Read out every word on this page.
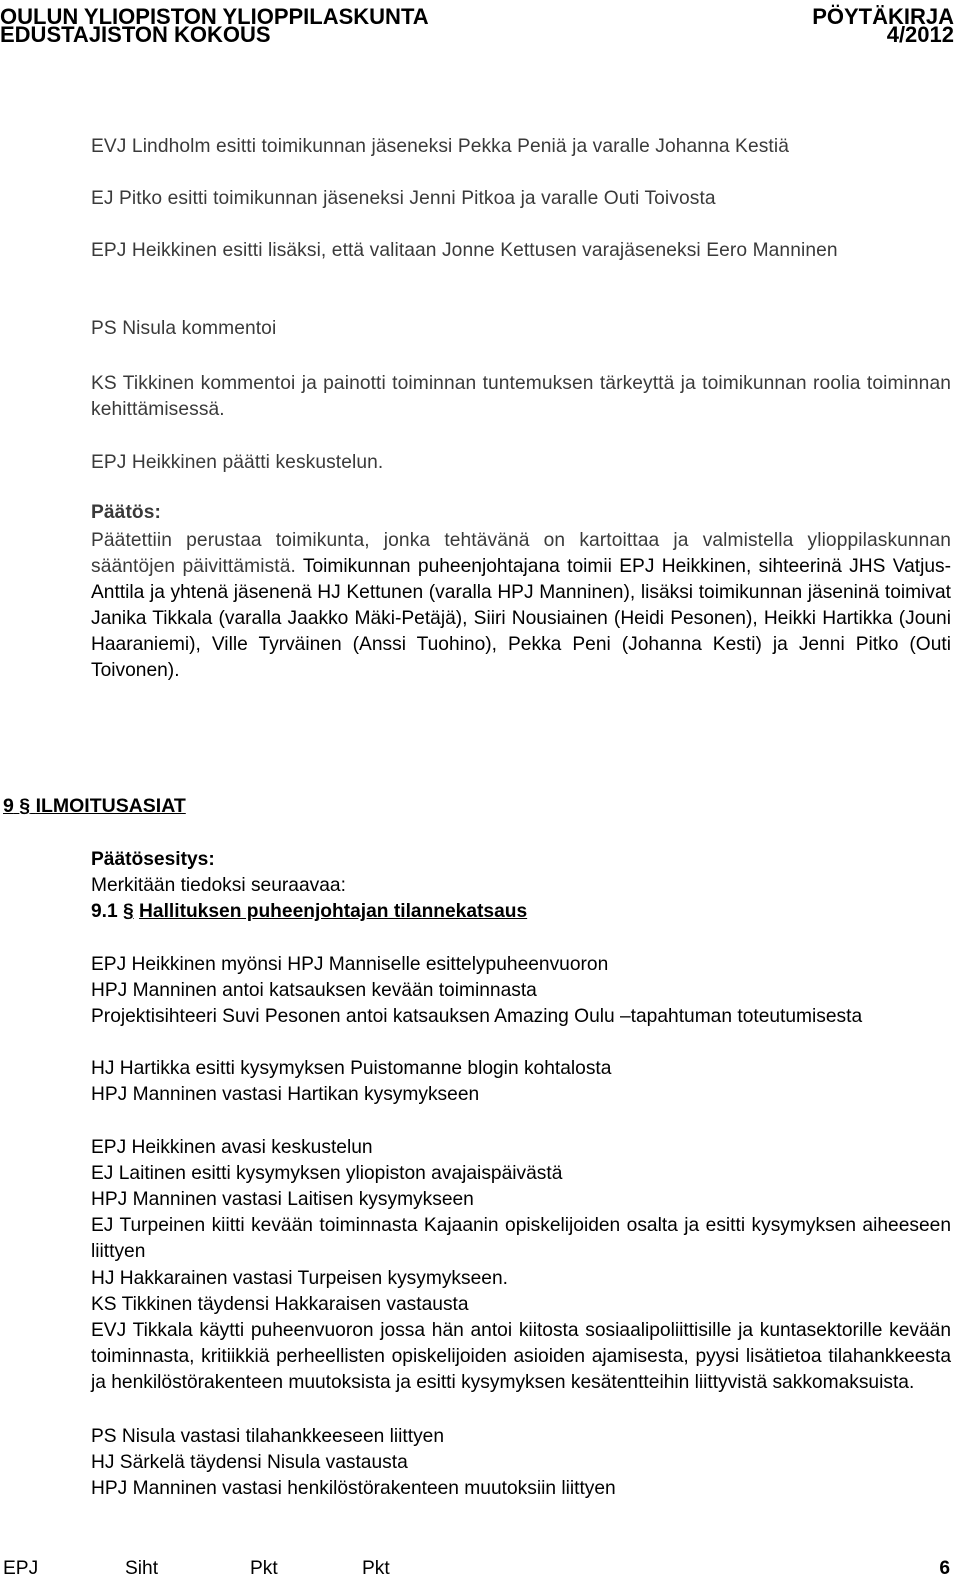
OULUN YLIOPISTON YLIOPPILASKUNTA	PÖYTÄKIRJA
EDUSTAJISTON KOKOUS	4/2012

EVJ Lindholm esitti toimikunnan jäseneksi Pekka Peniä ja varalle Johanna Kestiä

EJ Pitko esitti toimikunnan jäseneksi Jenni Pitkoa ja varalle Outi Toivosta

EPJ Heikkinen esitti lisäksi, että valitaan Jonne Kettusen varajäseneksi Eero Manninen

PS Nisula kommentoi

KS Tikkinen kommentoi ja painotti toiminnan tuntemuksen tärkeyttä ja toimikunnan roolia toiminnan kehittämisessä.

EPJ Heikkinen päätti keskustelun.

Päätös:

Päätettiin perustaa toimikunta, jonka tehtävänä on kartoittaa ja valmistella ylioppilaskunnan sääntöjen päivittämistä. Toimikunnan puheenjohtajana toimii EPJ Heikkinen, sihteerinä JHS Vatjus-Anttila ja yhtenä jäsenenä HJ Kettunen (varalla HPJ Manninen), lisäksi toimikunnan jäseninä toimivat Janika Tikkala (varalla Jaakko Mäki-Petäjä), Siiri Nousiainen (Heidi Pesonen), Heikki Hartikka (Jouni Haaraniemi), Ville Tyrväinen (Anssi Tuohino), Pekka Peni (Johanna Kesti) ja Jenni Pitko (Outi Toivonen).

9 § ILMOITUSASIAT

Päätösesitys:

Merkitään tiedoksi seuraavaa:

9.1 § Hallituksen puheenjohtajan tilannekatsaus

EPJ Heikkinen myönsi HPJ Manniselle esittelypuheenvuoron

HPJ Manninen antoi katsauksen kevään toiminnasta

Projektisihteeri Suvi Pesonen antoi katsauksen Amazing Oulu –tapahtuman toteutumisesta

HJ Hartikka esitti kysymyksen Puistomanne blogin kohtalosta

HPJ Manninen vastasi Hartikan kysymykseen

EPJ Heikkinen avasi keskustelun

EJ Laitinen esitti kysymyksen yliopiston avajaispäivästä

HPJ Manninen vastasi Laitisen kysymykseen

EJ Turpeinen kiitti kevään toiminnasta Kajaanin opiskelijoiden osalta ja esitti kysymyksen aiheeseen liittyen

HJ Hakkarainen vastasi Turpeisen kysymykseen.

KS Tikkinen täydensi Hakkaraisen vastausta

EVJ Tikkala käytti puheenvuoron jossa hän antoi kiitosta sosiaalipoliittisille ja kuntasektorille kevään toiminnasta, kritiikkiä perheellisten opiskelijoiden asioiden ajamisesta, pyysi lisätietoa tilahankkeesta ja henkilöstörakenteen muutoksista ja esitti kysymyksen kesätentteihin liittyvistä sakkomaksuista.

PS Nisula vastasi tilahankkeeseen liittyen

HJ Särkelä täydensi Nisula vastausta

HPJ Manninen vastasi henkilöstörakenteen muutoksiin liittyen

EPJ	Siht	Pkt	Pkt	6
